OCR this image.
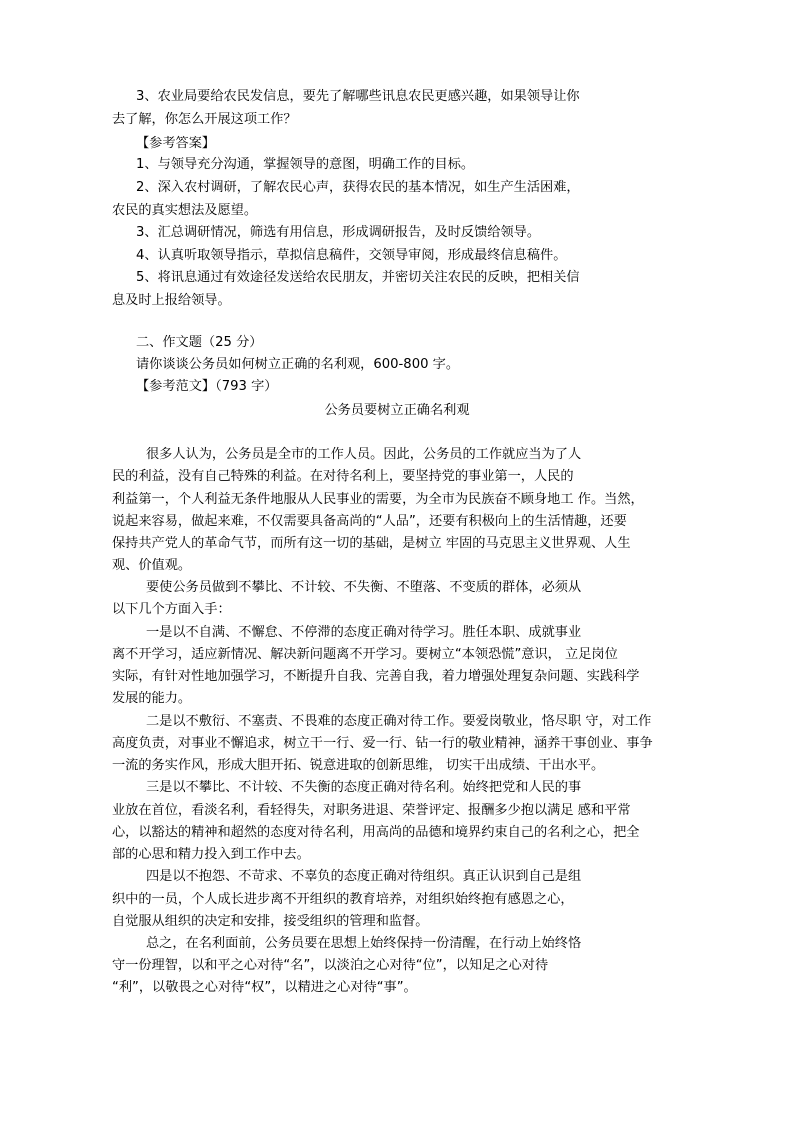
3、农业局要给农民发信息，要先了解哪些讯息农民更感兴趣，如果领导让你
去了解，你怎么开展这项工作？
【参考答案】
1、与领导充分沟通，掌握领导的意图，明确工作的目标。
2、深入农村调研，了解农民心声，获得农民的基本情况，如生产生活困难，
农民的真实想法及愿望。
3、汇总调研情况，筛选有用信息，形成调研报告，及时反馈给领导。
4、认真听取领导指示，草拟信息稿件，交领导审阅，形成最终信息稿件。
5、将讯息通过有效途径发送给农民朋友，并密切关注农民的反映，把相关信
息及时上报给领导。
二、作文题（25 分）
请你谈谈公务员如何树立正确的名利观，600-800 字。
【参考范文】（793 字）
公务员要树立正确名利观
很多人认为，公务员是全市的工作人员。因此，公务员的工作就应当为了人
民的利益，没有自己特殊的利益。在对待名利上，要坚持党的事业第一，人民的
利益第一，个人利益无条件地服从人民事业的需要，为全市为民族奋不顾身地工 作。当然，
说起来容易，做起来难，不仅需要具备高尚的“人品”，还要有积极向上的生活情趣，还要
保持共产党人的革命气节，而所有这一切的基础，是树立 牢固的马克思主义世界观、人生
观、价值观。
要使公务员做到不攀比、不计较、不失衡、不堕落、不变质的群体，必须从
以下几个方面入手：
一是以不自满、不懈怠、不停滞的态度正确对待学习。胜任本职、成就事业
离不开学习，适应新情况、解决新问题离不开学习。要树立“本领恐慌”意识， 立足岗位
实际，有针对性地加强学习，不断提升自我、完善自我，着力增强处理复杂问题、实践科学
发展的能力。
二是以不敷衍、不塞责、不畏难的态度正确对待工作。要爱岗敬业，恪尽职 守，对工作
高度负责，对事业不懈追求，树立干一行、爱一行、钻一行的敬业精神，涵养干事创业、事争
一流的务实作风，形成大胆开拓、锐意进取的创新思维， 切实干出成绩、干出水平。
三是以不攀比、不计较、不失衡的态度正确对待名利。始终把党和人民的事
业放在首位，看淡名利，看轻得失，对职务进退、荣誉评定、报酬多少抱以满足 感和平常
心，以豁达的精神和超然的态度对待名利，用高尚的品德和境界约束自己的名利之心，把全
部的心思和精力投入到工作中去。
四是以不抱怨、不苛求、不辜负的态度正确对待组织。真正认识到自己是组
织中的一员，个人成长进步离不开组织的教育培养，对组织始终抱有感恩之心，
自觉服从组织的决定和安排，接受组织的管理和监督。
总之，在名利面前，公务员要在思想上始终保持一份清醒，在行动上始终恪
守一份理智，以和平之心对待“名”，以淡泊之心对待“位”，以知足之心对待
“利”，以敬畏之心对待“权”，以精进之心对待“事”。
